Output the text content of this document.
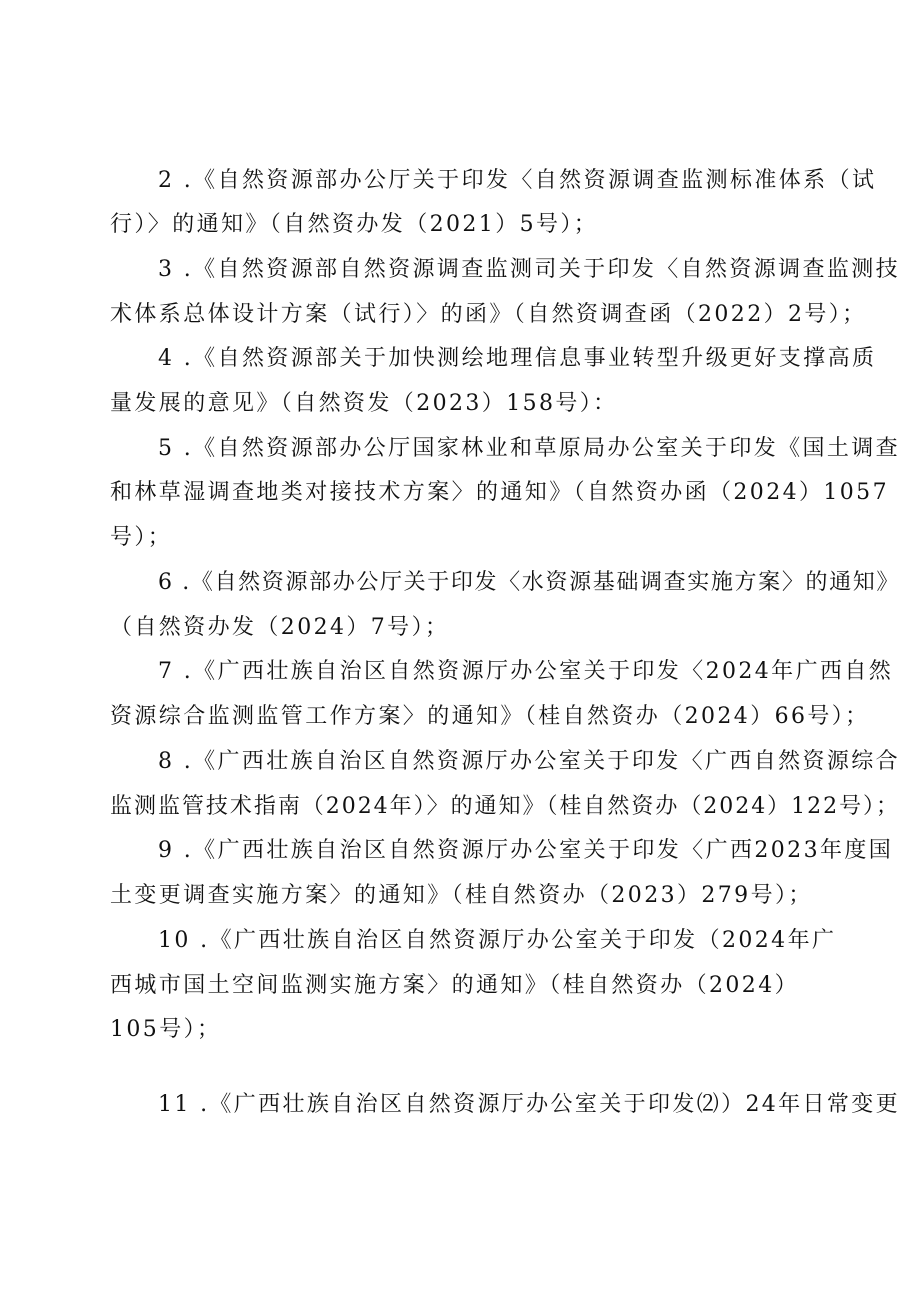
2 .《自然资源部办公厅关于印发〈自然资源调查监测标准体系（试
行）〉的通知》（自然资办发（2021）5号）；
3 .《自然资源部自然资源调查监测司关于印发〈自然资源调查监测技
术体系总体设计方案（试行）〉的函》（自然资调查函（2022）2号）；
4 .《自然资源部关于加快测绘地理信息事业转型升级更好支撑高质
量发展的意见》（自然资发（2023）158号）：
5 .《自然资源部办公厅国家林业和草原局办公室关于印发《国土调查
和林草湿调查地类对接技术方案〉的通知》（自然资办函（2024）1057
号）；
6 .《自然资源部办公厅关于印发〈水资源基础调查实施方案〉的通知》
（自然资办发（2024）7号）；
7 .《广西壮族自治区自然资源厅办公室关于印发〈2024年广西自然
资源综合监测监管工作方案〉的通知》（桂自然资办（2024）66号）；
8 .《广西壮族自治区自然资源厅办公室关于印发〈广西自然资源综合
监测监管技术指南（2024年）〉的通知》（桂自然资办（2024）122号）；
9 .《广西壮族自治区自然资源厅办公室关于印发〈广西2023年度国
土变更调查实施方案〉的通知》（桂自然资办（2023）279号）；
10 .《广西壮族自治区自然资源厅办公室关于印发（2024年广
西城市国土空间监测实施方案〉的通知》（桂自然资办（2024）
105号）；
11 .《广西壮族自治区自然资源厅办公室关于印发⑵）24年日常变更
